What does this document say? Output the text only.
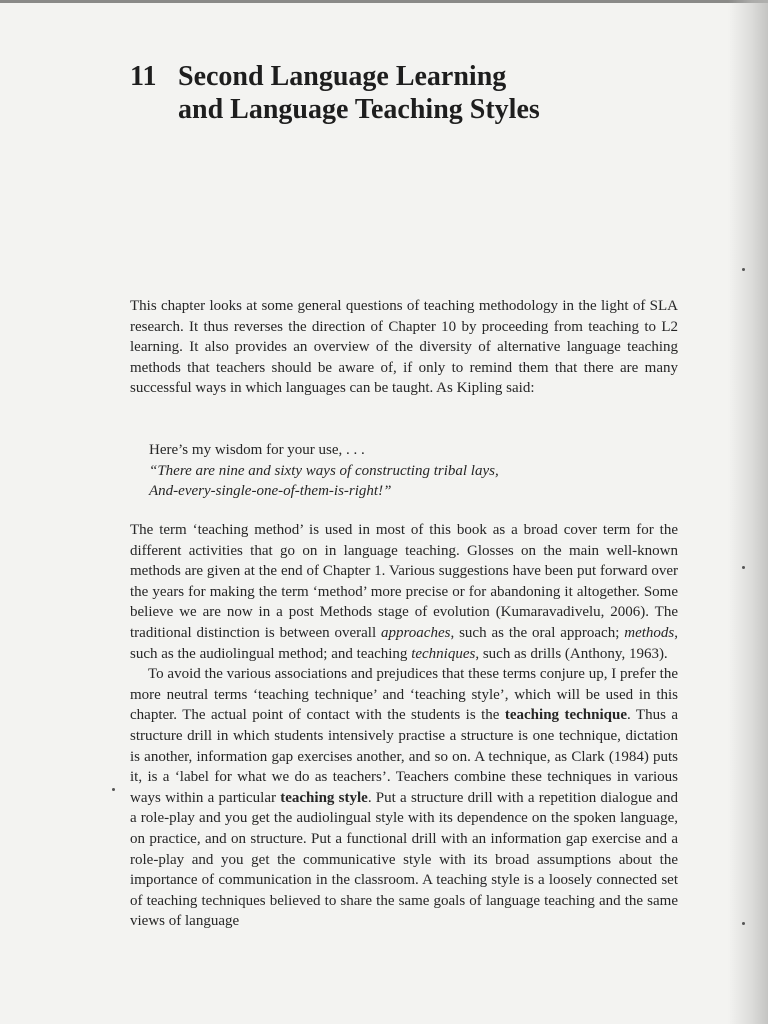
11 Second Language Learning
and Language Teaching Styles

This chapter looks at some general questions of teaching methodology in the light of SLA research. It thus reverses the direction of Chapter 10 by proceeding from teaching to L2 learning. It also provides an overview of the diversity of alternative language teaching methods that teachers should be aware of, if only to remind them that there are many successful ways in which languages can be taught. As Kipling said:

Here’s my wisdom for your use, . . .
“There are nine and sixty ways of constructing tribal lays,
And-every-single-one-of-them-is-right!”

The term ‘teaching method’ is used in most of this book as a broad cover term for the different activities that go on in language teaching. Glosses on the main well-known methods are given at the end of Chapter 1. Various suggestions have been put forward over the years for making the term ‘method’ more precise or for abandoning it altogether. Some believe we are now in a post Methods stage of evolution (Kumaravadivelu, 2006). The traditional distinction is between overall approaches, such as the oral approach; methods, such as the audiolingual method; and teaching techniques, such as drills (Anthony, 1963).

To avoid the various associations and prejudices that these terms conjure up, I prefer the more neutral terms ‘teaching technique’ and ‘teaching style’, which will be used in this chapter. The actual point of contact with the students is the teaching technique. Thus a structure drill in which students intensively practise a structure is one technique, dictation is another, information gap exercises another, and so on. A technique, as Clark (1984) puts it, is a ‘label for what we do as teachers’. Teachers combine these techniques in various ways within a particular teaching style. Put a structure drill with a repetition dialogue and a role-play and you get the audiolingual style with its dependence on the spoken language, on practice, and on structure. Put a functional drill with an information gap exercise and a role-play and you get the communicative style with its broad assumptions about the importance of communication in the classroom. A teaching style is a loosely connected set of teaching techniques believed to share the same goals of language teaching and the same views of language
